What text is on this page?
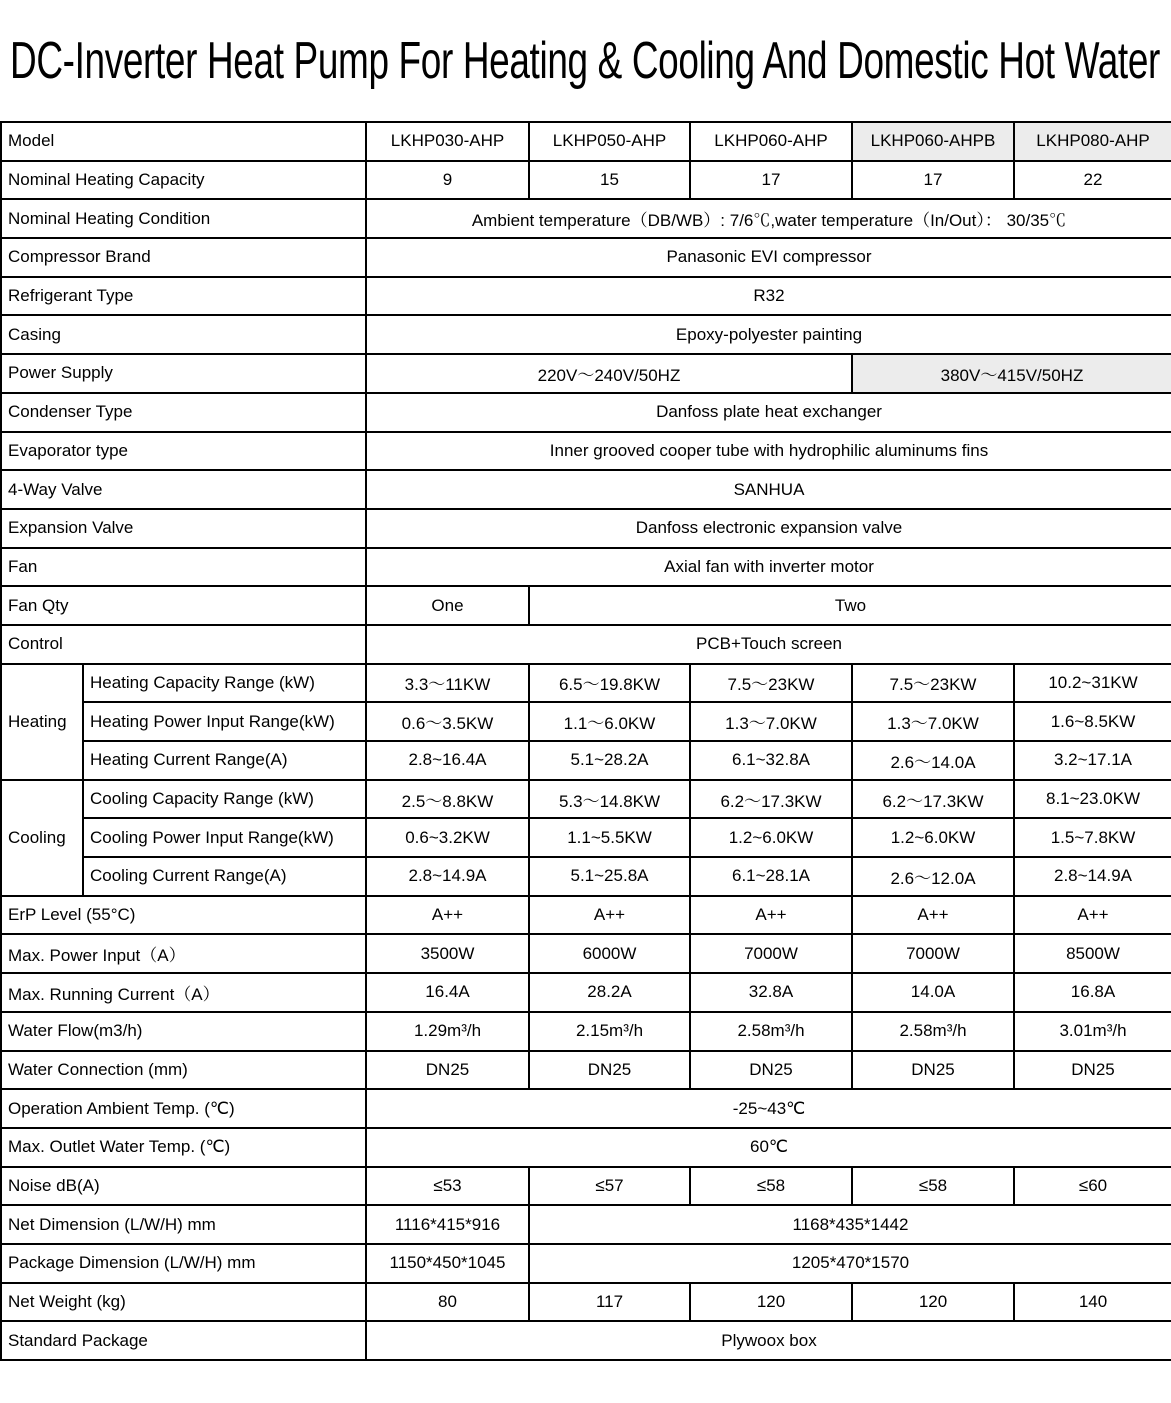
DC-Inverter Heat Pump For Heating & Cooling And Domestic Hot Water
Model		LKHP030-AHP	LKHP050-AHP	LKHP060-AHP	LKHP060-AHPB	LKHP080-AHP
Nominal Heating Capacity		9	15	17	17	22
Nominal Heating Condition		Ambient temperature（DB/WB）: 7/6℃,water temperature（In/Out）： 30/35℃				
Compressor Brand		Panasonic EVI compressor				
Refrigerant Type		R32				
Casing		Epoxy-polyester painting				
Power Supply		220V～240V/50HZ			380V～415V/50HZ	
Condenser Type		Danfoss plate heat exchanger				
Evaporator type		Inner grooved cooper tube with hydrophilic aluminums fins				
4-Way Valve		SANHUA				
Expansion Valve		Danfoss electronic expansion valve				
Fan		Axial fan with inverter motor				
Fan Qty		One	Two			
Control		PCB+Touch screen				
Heating	Heating Capacity Range (kW)	3.3～11KW	6.5～19.8KW	7.5～23KW	7.5～23KW	10.2~31KW
	Heating Power Input Range(kW)	0.6～3.5KW	1.1～6.0KW	1.3～7.0KW	1.3～7.0KW	1.6~8.5KW
	Heating Current Range(A)	2.8~16.4A	5.1~28.2A	6.1~32.8A	2.6～14.0A	3.2~17.1A
Cooling	Cooling Capacity Range (kW)	2.5～8.8KW	5.3～14.8KW	6.2～17.3KW	6.2～17.3KW	8.1~23.0KW
	Cooling Power Input Range(kW)	0.6~3.2KW	1.1~5.5KW	1.2~6.0KW	1.2~6.0KW	1.5~7.8KW
	Cooling Current Range(A)	2.8~14.9A	5.1~25.8A	6.1~28.1A	2.6～12.0A	2.8~14.9A
ErP Level (55°C)		A++	A++	A++	A++	A++
Max. Power Input（A）		3500W	6000W	7000W	7000W	8500W
Max. Running Current（A）		16.4A	28.2A	32.8A	14.0A	16.8A
Water Flow(m3/h)		1.29m³/h	2.15m³/h	2.58m³/h	2.58m³/h	3.01m³/h
Water Connection (mm)		DN25	DN25	DN25	DN25	DN25
Operation Ambient Temp. (℃)		-25~43℃				
Max. Outlet Water Temp. (℃)		60℃				
Noise dB(A)		≤53	≤57	≤58	≤58	≤60
Net Dimension (L/W/H) mm		1116*415*916	1168*435*1442			
Package Dimension (L/W/H) mm		1150*450*1045	1205*470*1570			
Net Weight (kg)		80	117	120	120	140
Standard Package		Plywoox box				
